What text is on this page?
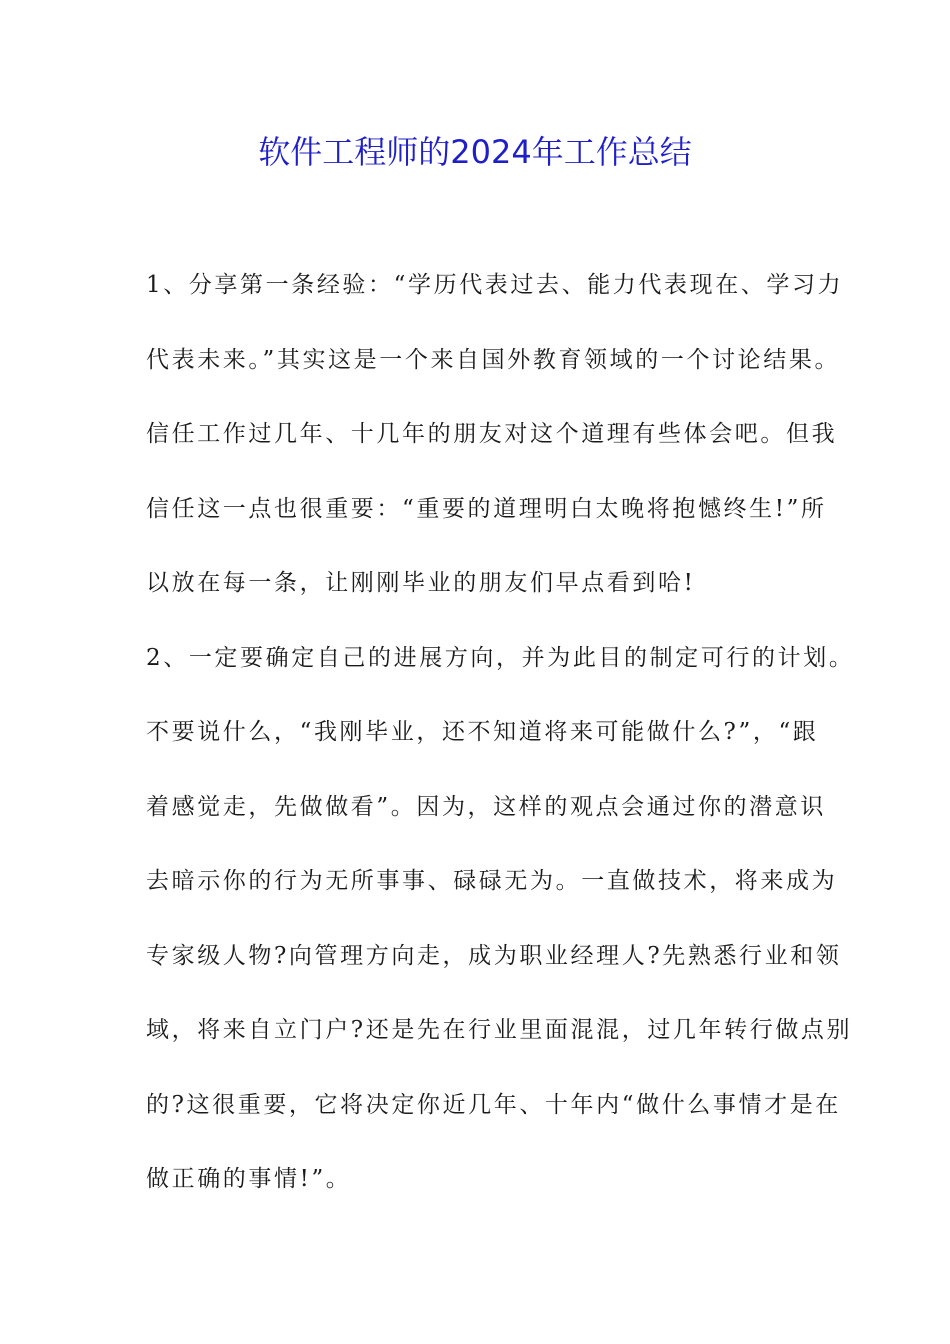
软件工程师的2024年工作总结
1、分享第一条经验：“学历代表过去、能力代表现在、学习力
代表未来。”其实这是一个来自国外教育领域的一个讨论结果。
信任工作过几年、十几年的朋友对这个道理有些体会吧。但我
信任这一点也很重要：“重要的道理明白太晚将抱憾终生!”所
以放在每一条，让刚刚毕业的朋友们早点看到哈!
2、一定要确定自己的进展方向，并为此目的制定可行的计划。
不要说什么，“我刚毕业，还不知道将来可能做什么?”，“跟
着感觉走，先做做看”。因为，这样的观点会通过你的潜意识
去暗示你的行为无所事事、碌碌无为。一直做技术，将来成为
专家级人物?向管理方向走，成为职业经理人?先熟悉行业和领
域，将来自立门户?还是先在行业里面混混，过几年转行做点别
的?这很重要，它将决定你近几年、十年内“做什么事情才是在
做正确的事情!”。
